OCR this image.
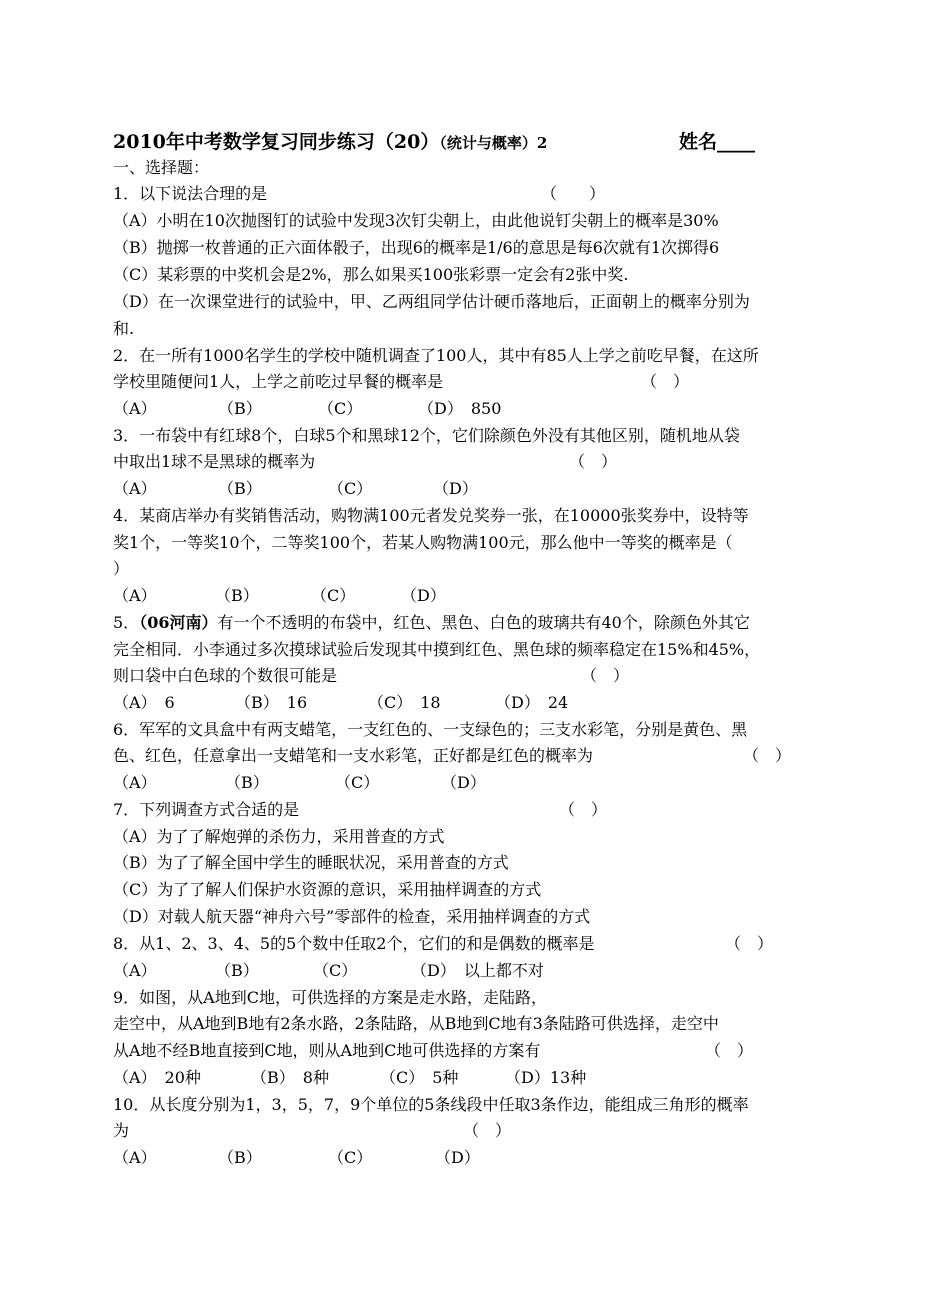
2010年中考数学复习同步练习（20）（统计与概率）2	姓名____
一、选择题：
1．以下说法合理的是	（　　）
（A）小明在10次抛图钉的试验中发现3次钉尖朝上，由此他说钉尖朝上的概率是30%
（B）抛掷一枚普通的正六面体骰子，出现6的概率是1/6的意思是每6次就有1次掷得6
（C）某彩票的中奖机会是2%，那么如果买100张彩票一定会有2张中奖.
（D）在一次课堂进行的试验中，甲、乙两组同学估计硬币落地后，正面朝上的概率分别为
和.
2．在一所有1000名学生的学校中随机调查了100人，其中有85人上学之前吃早餐，在这所
学校里随便问1人，上学之前吃过早餐的概率是	（　）
（A）	（B）	（C）	（D）　850
3．一布袋中有红球8个，白球5个和黑球12个，它们除颜色外没有其他区别，随机地从袋
中取出1球不是黑球的概率为	（　）
（A）	（B）	（C）	（D）
4．某商店举办有奖销售活动，购物满100元者发兑奖券一张，在10000张奖券中，设特等
奖1个，一等奖10个，二等奖100个，若某人购物满100元，那么他中一等奖的概率是（
）
（A）	（B）	（C）	（D）
5．（06河南）有一个不透明的布袋中，红色、黑色、白色的玻璃共有40个，除颜色外其它
完全相同．小李通过多次摸球试验后发现其中摸到红色、黑色球的频率稳定在15%和45%，
则口袋中白色球的个数很可能是	（　）
（A）　6	（B）　16	（C）　18	（D）　24
6．军军的文具盒中有两支蜡笔，一支红色的、一支绿色的；三支水彩笔，分别是黄色、黑
色、红色，任意拿出一支蜡笔和一支水彩笔，正好都是红色的概率为	（　）
（A）	（B）	（C）	（D）
7．下列调查方式合适的是	（　）
（A）为了了解炮弹的杀伤力，采用普查的方式
（B）为了了解全国中学生的睡眠状况，采用普查的方式
（C）为了了解人们保护水资源的意识，采用抽样调查的方式
（D）对载人航天器“神舟六号”零部件的检查，采用抽样调查的方式
8．从1、2、3、4、5的5个数中任取2个，它们的和是偶数的概率是	（　）
（A）	（B）	（C）	（D）　以上都不对
9．如图，从A地到C地，可供选择的方案是走水路，走陆路，
走空中，从A地到B地有2条水路，2条陆路，从B地到C地有3条陆路可供选择，走空中
从A地不经B地直接到C地，则从A地到C地可供选择的方案有	（　）
（A）　20种	（B）　8种	（C）　5种	（D）13种
10．从长度分别为1，3，5，7，9个单位的5条线段中任取3条作边，能组成三角形的概率
为	（　）
（A）	（B）	（C）	（D）
